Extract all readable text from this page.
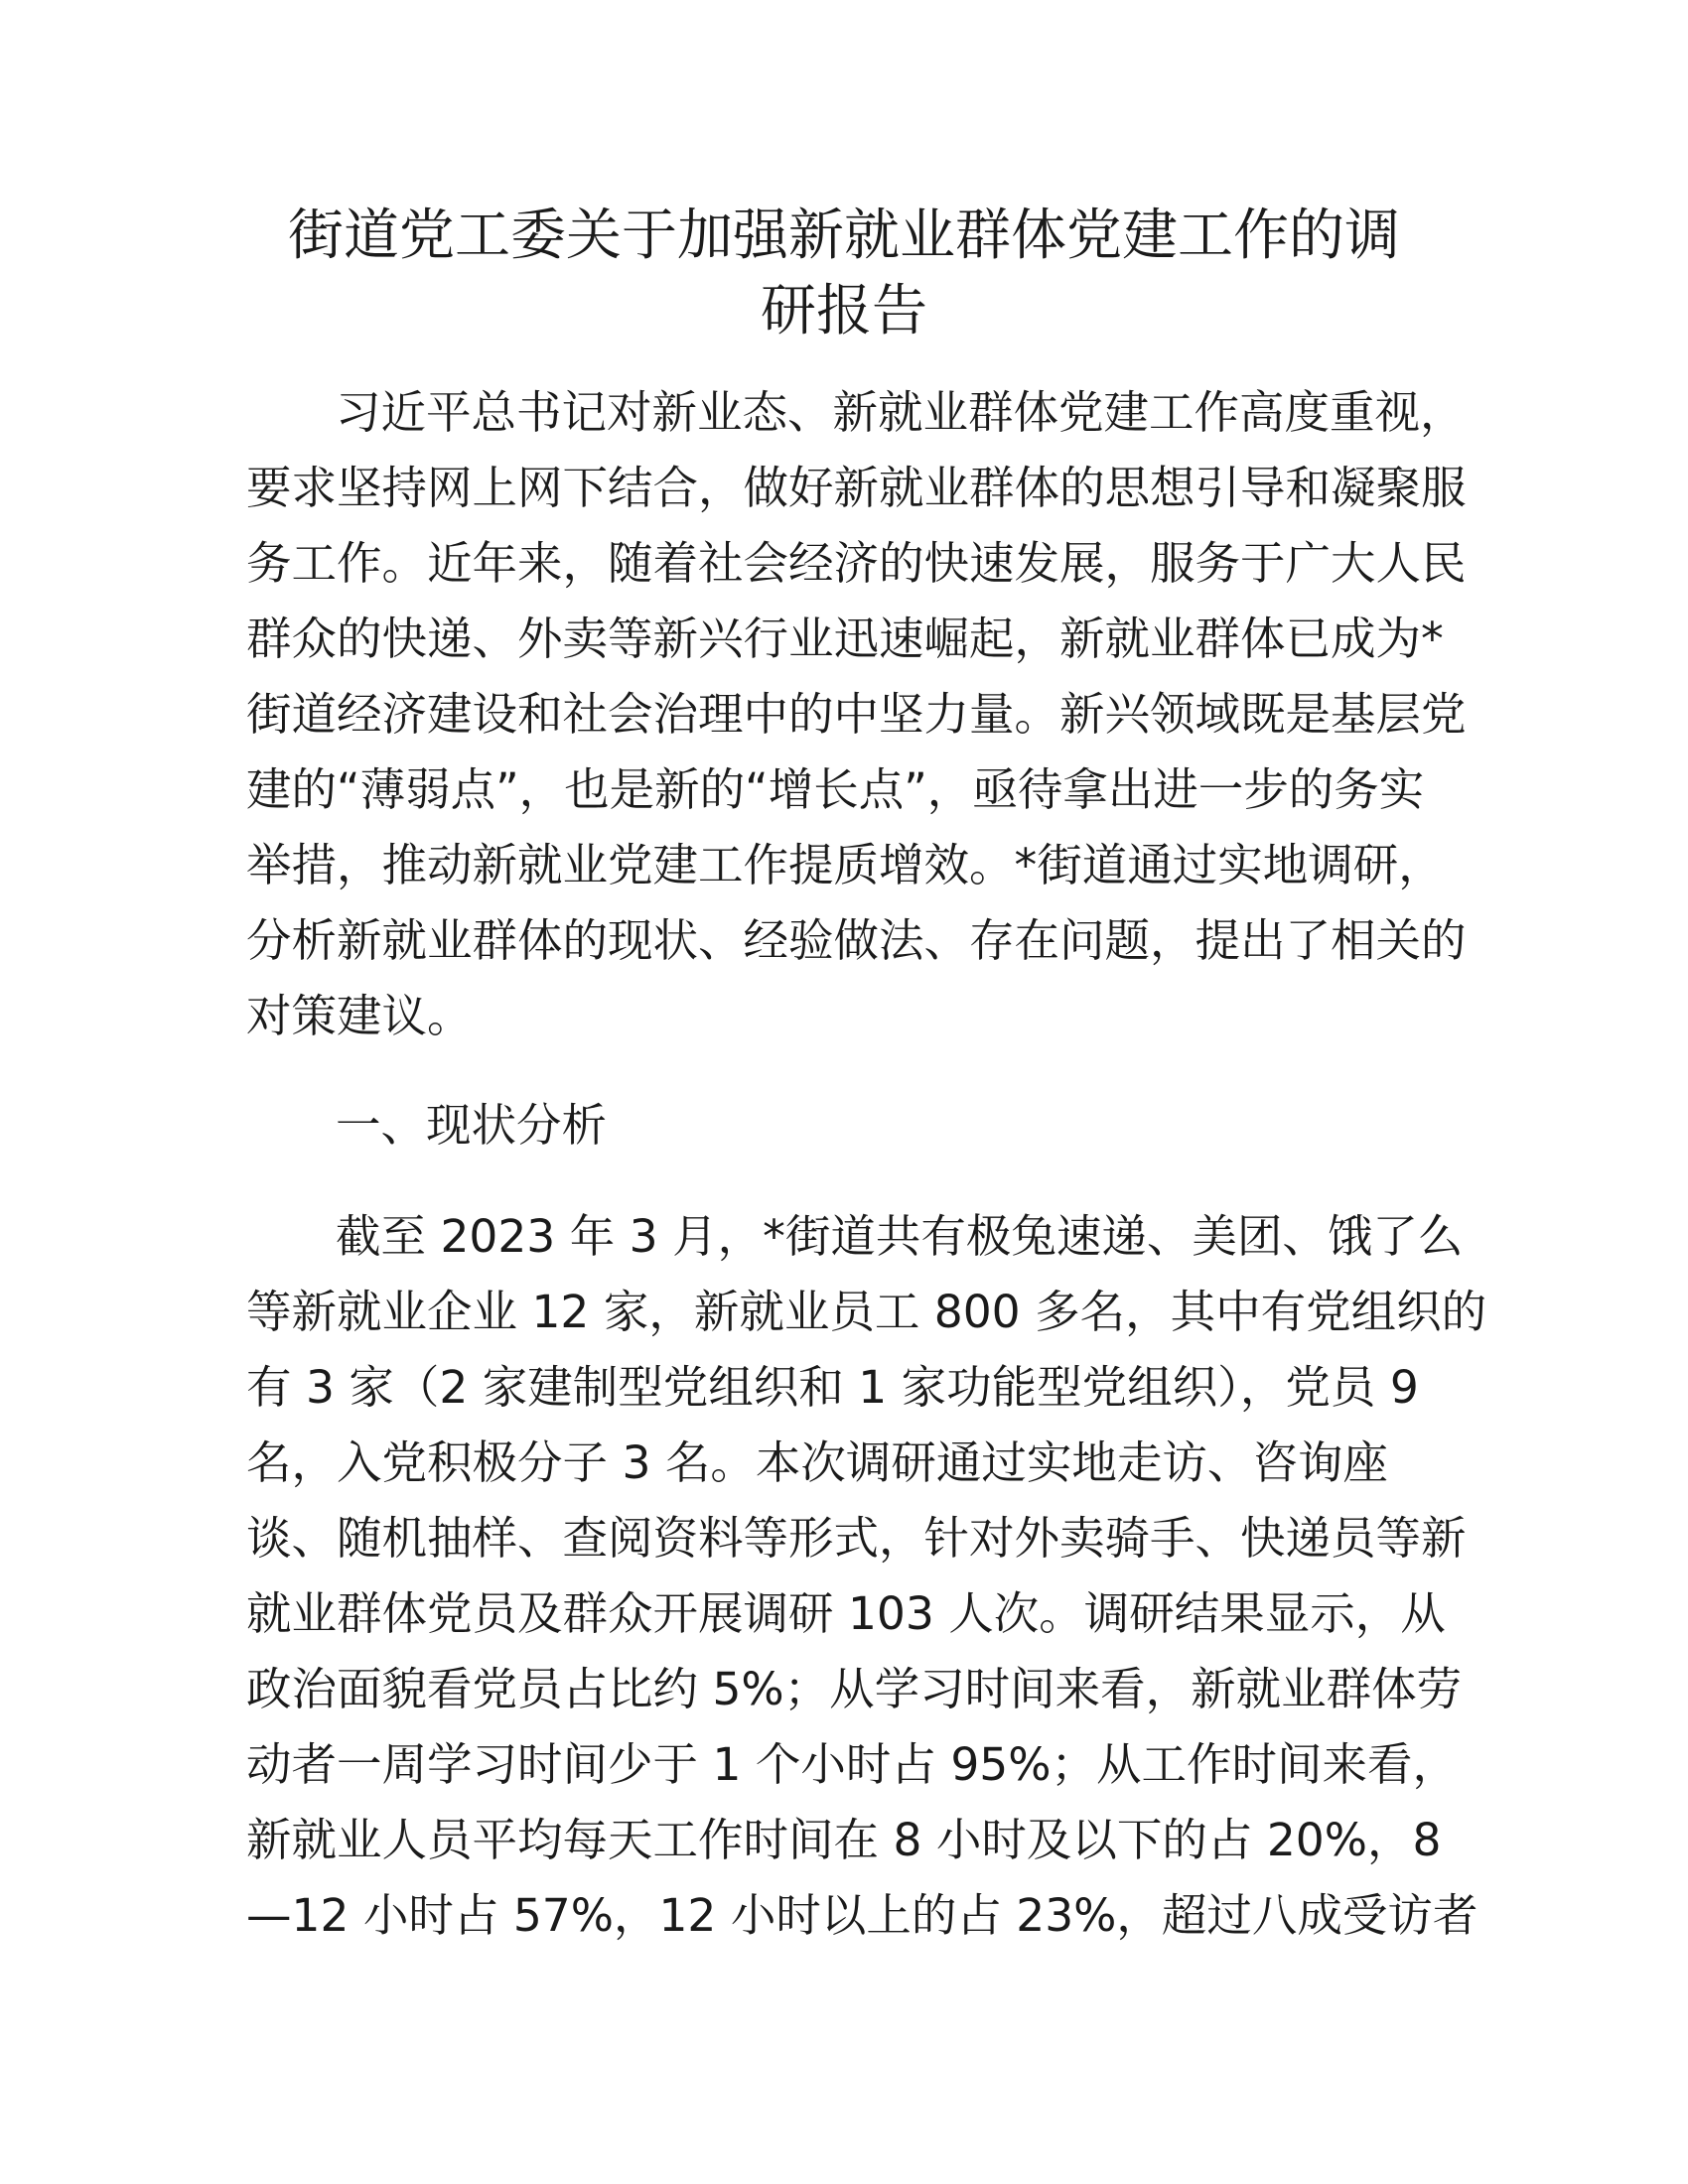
街道党工委关于加强新就业群体党建工作的调
研报告
习近平总书记对新业态、新就业群体党建工作高度重视，
要求坚持网上网下结合，做好新就业群体的思想引导和凝聚服
务工作。近年来，随着社会经济的快速发展，服务于广大人民
群众的快递、外卖等新兴行业迅速崛起，新就业群体已成为*
街道经济建设和社会治理中的中坚力量。新兴领域既是基层党
建的“薄弱点”，也是新的“增长点”，亟待拿出进一步的务实
举措，推动新就业党建工作提质增效。*街道通过实地调研，
分析新就业群体的现状、经验做法、存在问题，提出了相关的
对策建议。
一、现状分析
截至 2023 年 3 月，*街道共有极兔速递、美团、饿了么
等新就业企业 12 家，新就业员工 800 多名，其中有党组织的
有 3 家（2 家建制型党组织和 1 家功能型党组织），党员 9
名，入党积极分子 3 名。本次调研通过实地走访、咨询座
谈、随机抽样、查阅资料等形式，针对外卖骑手、快递员等新
就业群体党员及群众开展调研 103 人次。调研结果显示，从
政治面貌看党员占比约 5%；从学习时间来看，新就业群体劳
动者一周学习时间少于 1 个小时占 95%；从工作时间来看，
新就业人员平均每天工作时间在 8 小时及以下的占 20%，8
—12 小时占 57%，12 小时以上的占 23%，超过八成受访者
